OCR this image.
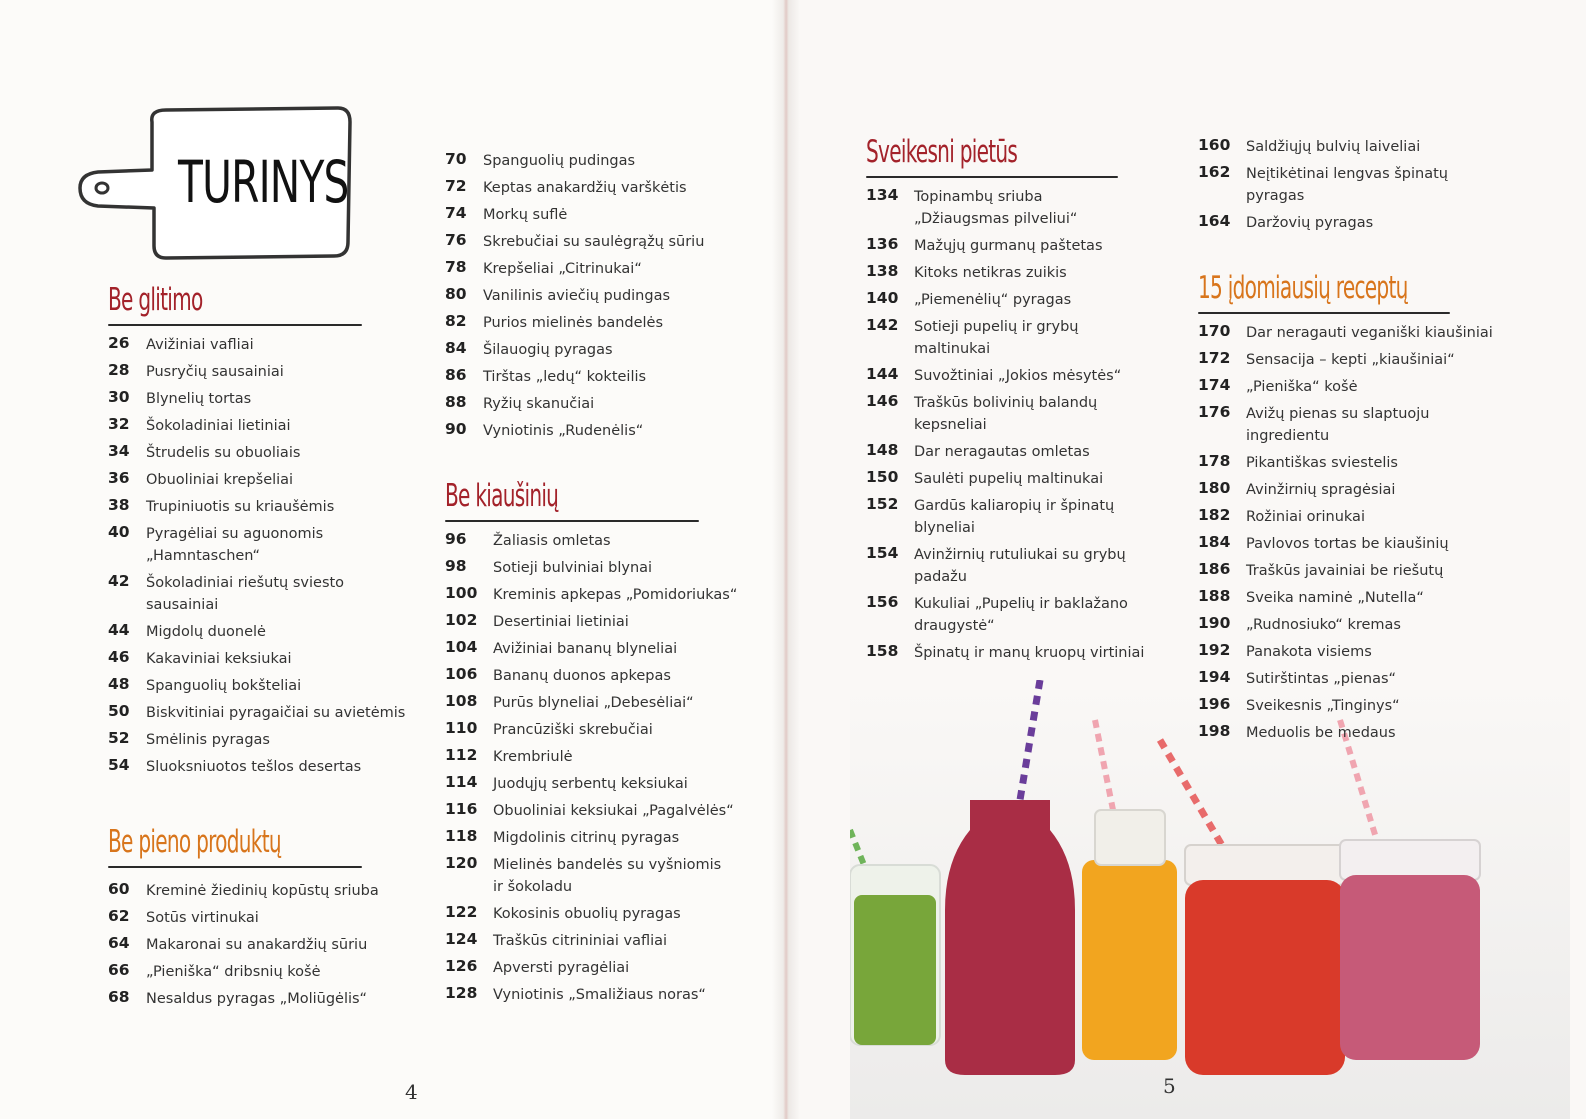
TURINYS
Be glitimo
26	Avižiniai vafliai
28	Pusryčių sausainiai
30	Blynelių tortas
32	Šokoladiniai lietiniai
34	Štrudelis su obuoliais
36	Obuoliniai krepšeliai
38	Trupiniuotis su kriaušėmis
40	Pyragėliai su aguonomis
„Hamntaschen“
42	Šokoladiniai riešutų sviesto
sausainiai
44	Migdolų duonelė
46	Kakaviniai keksiukai
48	Spanguolių bokšteliai
50	Biskvitiniai pyragaičiai su avietėmis
52	Smėlinis pyragas
54	Sluoksniuotos tešlos desertas
Be pieno produktų
60	Kreminė žiedinių kopūstų sriuba
62	Sotūs virtinukai
64	Makaronai su anakardžių sūriu
66	„Pieniška“ dribsnių košė
68	Nesaldus pyragas „Moliūgėlis“
70	Spanguolių pudingas
72	Keptas anakardžių varškėtis
74	Morkų suflė
76	Skrebučiai su saulėgrąžų sūriu
78	Krepšeliai „Citrinukai“
80	Vanilinis aviečių pudingas
82	Purios mielinės bandelės
84	Šilauogių pyragas
86	Tirštas „ledų“ kokteilis
88	Ryžių skanučiai
90	Vyniotinis „Rudenėlis“
Be kiaušinių
96	Žaliasis omletas
98	Sotieji bulviniai blynai
100	Kreminis apkepas „Pomidoriukas“
102	Desertiniai lietiniai
104	Avižiniai bananų blyneliai
106	Bananų duonos apkepas
108	Purūs blyneliai „Debesėliai“
110	Prancūziški skrebučiai
112	Krembriulė
114	Juodųjų serbentų keksiukai
116	Obuoliniai keksiukai „Pagalvėlės“
118	Migdolinis citrinų pyragas
120	Mielinės bandelės su vyšniomis
ir šokoladu
122	Kokosinis obuolių pyragas
124	Traškūs citrininiai vafliai
126	Apversti pyragėliai
128	Vyniotinis „Smaližiaus noras“
Sveikesni pietūs
134	Topinambų sriuba
„Džiaugsmas pilveliui“
136	Mažųjų gurmanų paštetas
138	Kitoks netikras zuikis
140	„Piemenėlių“ pyragas
142	Sotieji pupelių ir grybų
maltinukai
144	Suvožtiniai „Jokios mėsytės“
146	Traškūs bolivinių balandų
kepsneliai
148	Dar neragautas omletas
150	Saulėti pupelių maltinukai
152	Gardūs kaliaropių ir špinatų
blyneliai
154	Avinžirnių rutuliukai su grybų
padažu
156	Kukuliai „Pupelių ir baklažano
draugystė“
158	Špinatų ir manų kruopų virtiniai
160	Saldžiųjų bulvių laiveliai
162	Neįtikėtinai lengvas špinatų
pyragas
164	Daržovių pyragas
15 įdomiausių receptų
170	Dar neragauti veganiški kiaušiniai
172	Sensacija – kepti „kiaušiniai“
174	„Pieniška“ košė
176	Avižų pienas su slaptuoju
ingredientu
178	Pikantiškas sviestelis
180	Avinžirnių spragėsiai
182	Rožiniai orinukai
184	Pavlovos tortas be kiaušinių
186	Traškūs javainiai be riešutų
188	Sveika naminė „Nutella“
190	„Rudnosiuko“ kremas
192	Panakota visiems
194	Sutirštintas „pienas“
196	Sveikesnis „Tinginys“
198	Meduolis be medaus
4	5
